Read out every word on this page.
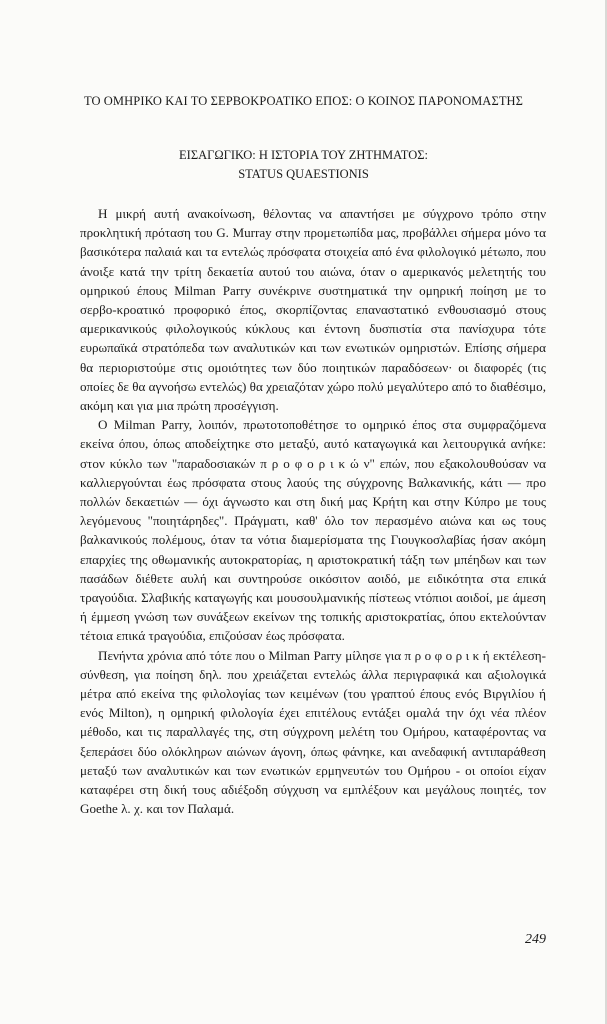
ΤΟ ΟΜΗΡΙΚΟ ΚΑΙ ΤΟ ΣΕΡΒΟΚΡΟΑΤΙΚΟ ΕΠΟΣ: Ο ΚΟΙΝΟΣ ΠΑΡΟΝΟΜΑΣΤΗΣ
ΕΙΣΑΓΩΓΙΚΟ: Η ΙΣΤΟΡΙΑ ΤΟΥ ΖΗΤΗΜΑΤΟΣ:
STATUS QUAESTIONIS

Η μικρή αυτή ανακοίνωση, θέλοντας να απαντήσει με σύγχρονο τρόπο στην προκλητική πρόταση του G. Murray στην προμετωπίδα μας, προβάλλει σήμερα μόνο τα βασικότερα παλαιά και τα εντελώς πρόσφατα στοιχεία από ένα φιλολογικό μέτωπο, που άνοιξε κατά την τρίτη δεκαετία αυτού του αιώνα, όταν ο αμερικανός μελετητής του ομηρικού έπους Milman Parry συνέκρινε συστηματικά την ομηρική ποίηση με το σερβο-κροατικό προφορικό έπος, σκορπίζοντας επαναστατικό ενθουσιασμό στους αμερικανικούς φιλολογικούς κύκλους και έντονη δυσπιστία στα πανίσχυρα τότε ευρωπαϊκά στρατόπεδα των αναλυτικών και των ενωτικών ομηριστών. Επίσης σήμερα θα περιοριστούμε στις ομοιότητες των δύο ποιητικών παραδόσεων· οι διαφορές (τις οποίες δε θα αγνοήσω εντελώς) θα χρειαζόταν χώρο πολύ μεγαλύτερο από το διαθέσιμο, ακόμη και για μια πρώτη προσέγγιση.

Ο Milman Parry, λοιπόν, πρωτοτοποθέτησε το ομηρικό έπος στα συμφραζόμενα εκείνα όπου, όπως αποδείχτηκε στο μεταξύ, αυτό καταγωγικά και λειτουργικά ανήκε: στον κύκλο των "παραδοσιακών π ρ ο φ ο ρ ι κ ώ ν" επών, που εξακολουθούσαν να καλλιεργούνται έως πρόσφατα στους λαούς της σύγχρονης Βαλκανικής, κάτι — προ πολλών δεκαετιών — όχι άγνωστο και στη δική μας Κρήτη και στην Κύπρο με τους λεγόμενους "ποιητάρηδες". Πράγματι, καθ' όλο τον περασμένο αιώνα και ως τους βαλκανικούς πολέμους, όταν τα νότια διαμερίσματα της Γιουγκοσλαβίας ήσαν ακόμη επαρχίες της οθωμανικής αυτοκρατορίας, η αριστοκρατική τάξη των μπέηδων και των πασάδων διέθετε αυλή και συντηρούσε οικόσιτον αοιδό, με ειδικότητα στα επικά τραγούδια. Σλαβικής καταγωγής και μουσουλμανικής πίστεως ντόπιοι αοιδοί, με άμεση ή έμμεση γνώση των συνάξεων εκείνων της τοπικής αριστοκρατίας, όπου εκτελούνταν τέτοια επικά τραγούδια, επιζούσαν έως πρόσφατα.

Πενήντα χρόνια από τότε που ο Milman Parry μίλησε για π ρ ο φ ο ρ ι κ ή εκτέλεση-σύνθεση, για ποίηση δηλ. που χρειάζεται εντελώς άλλα περιγραφικά και αξιολογικά μέτρα από εκείνα της φιλολογίας των κειμένων (του γραπτού έπους ενός Βιργιλίου ή ενός Milton), η ομηρική φιλολογία έχει επιτέλους εντάξει ομαλά την όχι νέα πλέον μέθοδο, και τις παραλλαγές της, στη σύγχρονη μελέτη του Ομήρου, καταφέροντας να ξεπεράσει δύο ολόκληρων αιώνων άγονη, όπως φάνηκε, και ανεδαφική αντιπαράθεση μεταξύ των αναλυτικών και των ενωτικών ερμηνευτών του Ομήρου - οι οποίοι είχαν καταφέρει στη δική τους αδιέξοδη σύγχυση να εμπλέξουν και μεγάλους ποιητές, τον Goethe λ. χ. και τον Παλαμά.

249
